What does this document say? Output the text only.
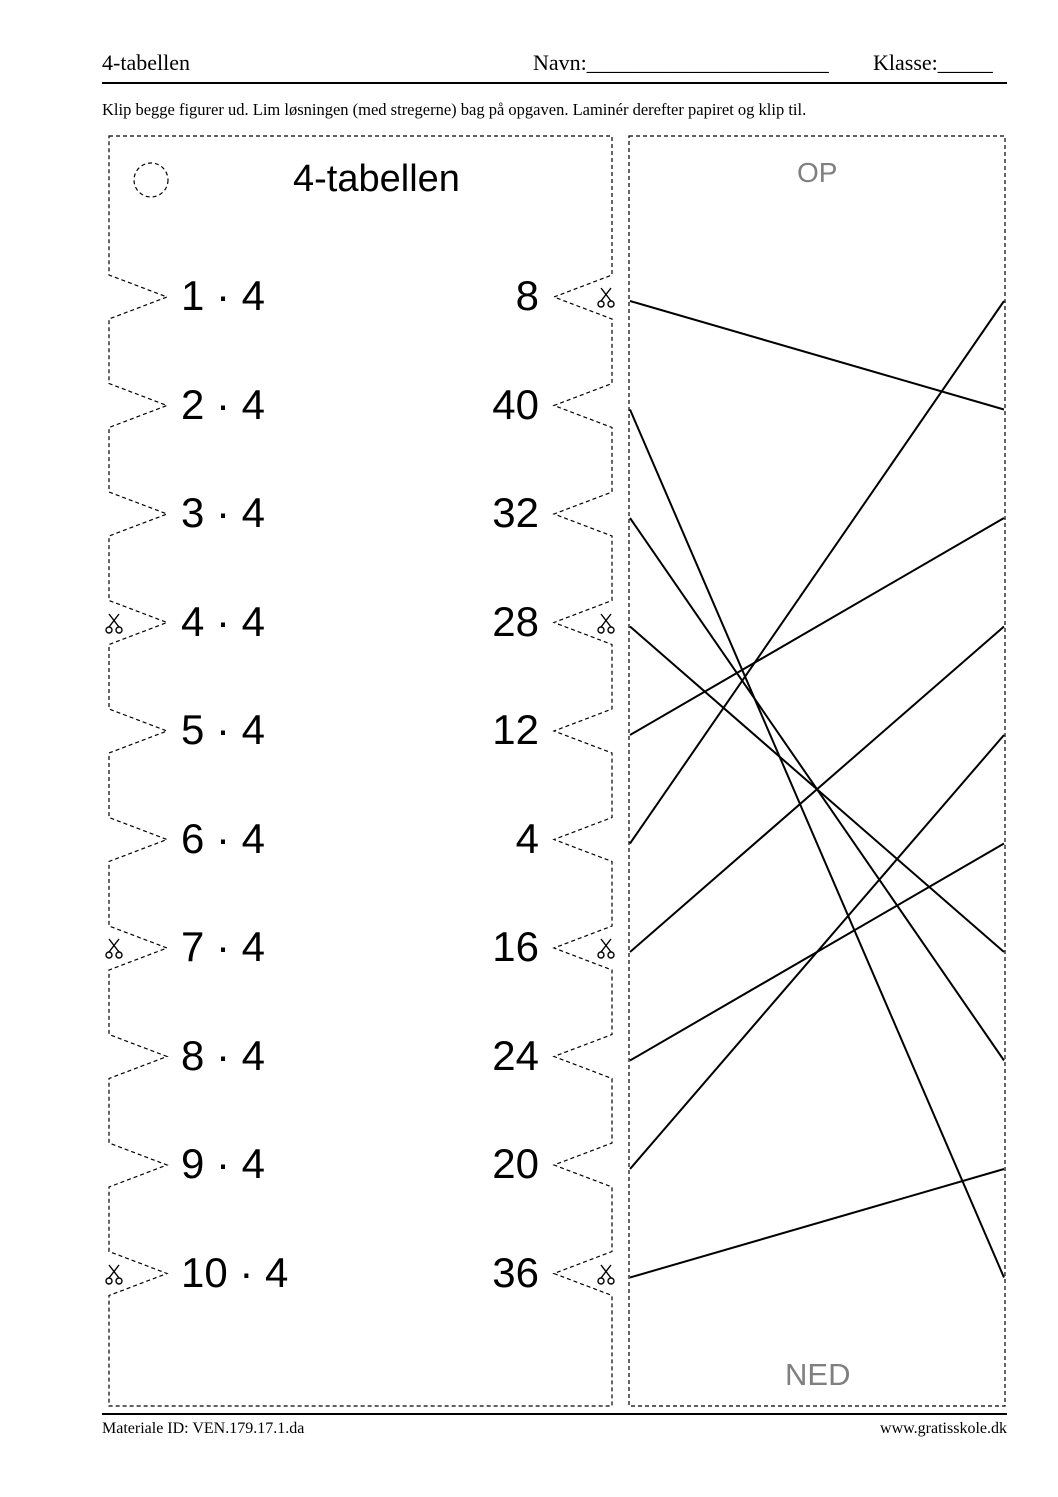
4-tabellen	Navn:______________________ Klasse:_____
Klip begge figurer ud. Lim løsningen (med stregerne) bag på opgaven. Laminér derefter papiret og klip til.
4-tabellen
1 · 4	8
2 · 4	40
3 · 4	32
4 · 4	28
5 · 4	12
6 · 4	4
7 · 4	16
8 · 4	24
9 · 4	20
10 · 4	36
OP
NED
Materiale ID: VEN.179.17.1.da	www.gratisskole.dk
